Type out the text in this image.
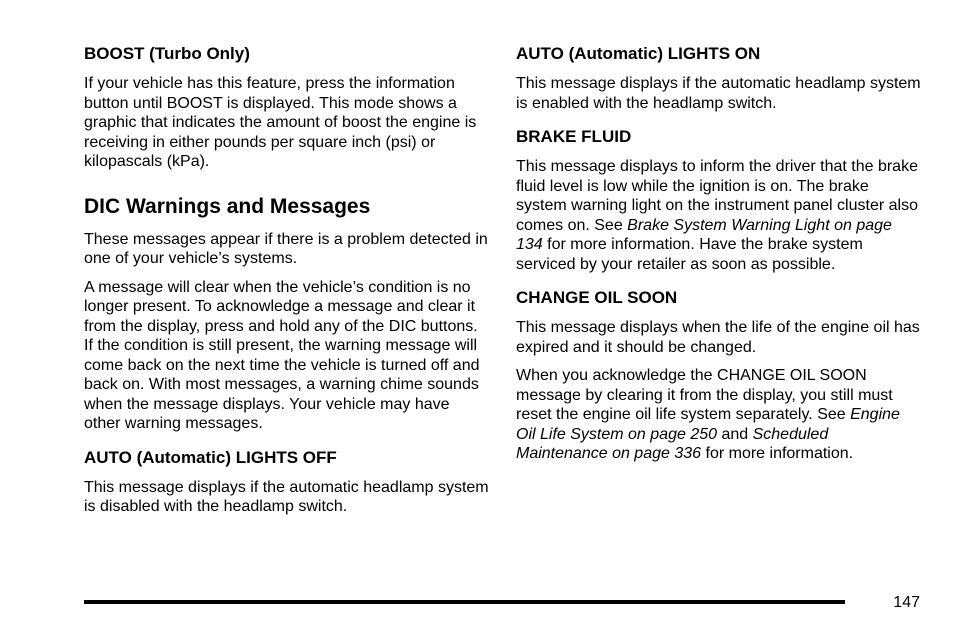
BOOST (Turbo Only)

If your vehicle has this feature, press the information button until BOOST is displayed. This mode shows a graphic that indicates the amount of boost the engine is receiving in either pounds per square inch (psi) or kilopascals (kPa).

DIC Warnings and Messages

These messages appear if there is a problem detected in one of your vehicle’s systems.

A message will clear when the vehicle’s condition is no longer present. To acknowledge a message and clear it from the display, press and hold any of the DIC buttons. If the condition is still present, the warning message will come back on the next time the vehicle is turned off and back on. With most messages, a warning chime sounds when the message displays. Your vehicle may have other warning messages.

AUTO (Automatic) LIGHTS OFF

This message displays if the automatic headlamp system is disabled with the headlamp switch.

AUTO (Automatic) LIGHTS ON

This message displays if the automatic headlamp system is enabled with the headlamp switch.

BRAKE FLUID

This message displays to inform the driver that the brake fluid level is low while the ignition is on. The brake system warning light on the instrument panel cluster also comes on. See Brake System Warning Light on page 134 for more information. Have the brake system serviced by your retailer as soon as possible.

CHANGE OIL SOON

This message displays when the life of the engine oil has expired and it should be changed.

When you acknowledge the CHANGE OIL SOON message by clearing it from the display, you still must reset the engine oil life system separately. See Engine Oil Life System on page 250 and Scheduled Maintenance on page 336 for more information.

147
